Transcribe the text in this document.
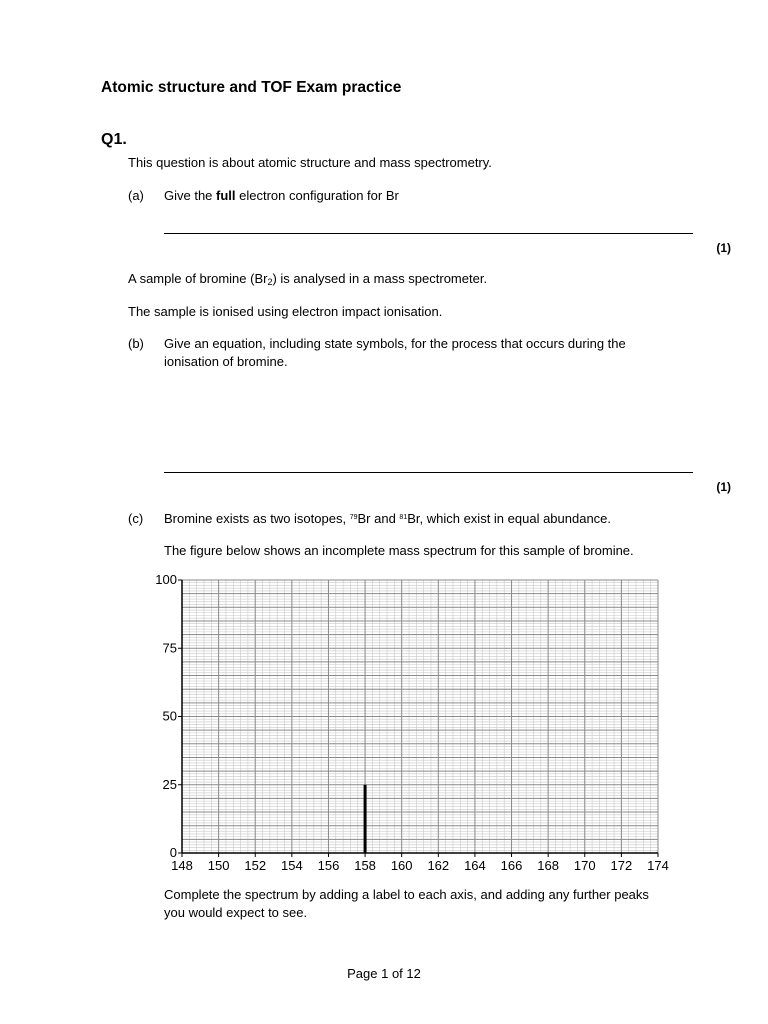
Atomic structure and TOF Exam practice
Q1.
This question is about atomic structure and mass spectrometry.
(a) Give the full electron configuration for Br
(1)
A sample of bromine $(Br_2)$ is analysed in a mass spectrometer.
The sample is ionised using electron impact ionisation.
(b) Give an equation, including state symbols, for the process that occurs during the
ionisation of bromine.
(1)
(c) Bromine exists as two isotopes, $^{79}$Br and $^{81}$Br, which exist in equal abundance.
The figure below shows an incomplete mass spectrum for this sample of bromine.
0
25
50
75
100
148 150 152 154 156 158 160 162 164 166 168 170 172 174
Complete the spectrum by adding a label to each axis, and adding any further peaks
you would expect to see.
Page 1 of 12
